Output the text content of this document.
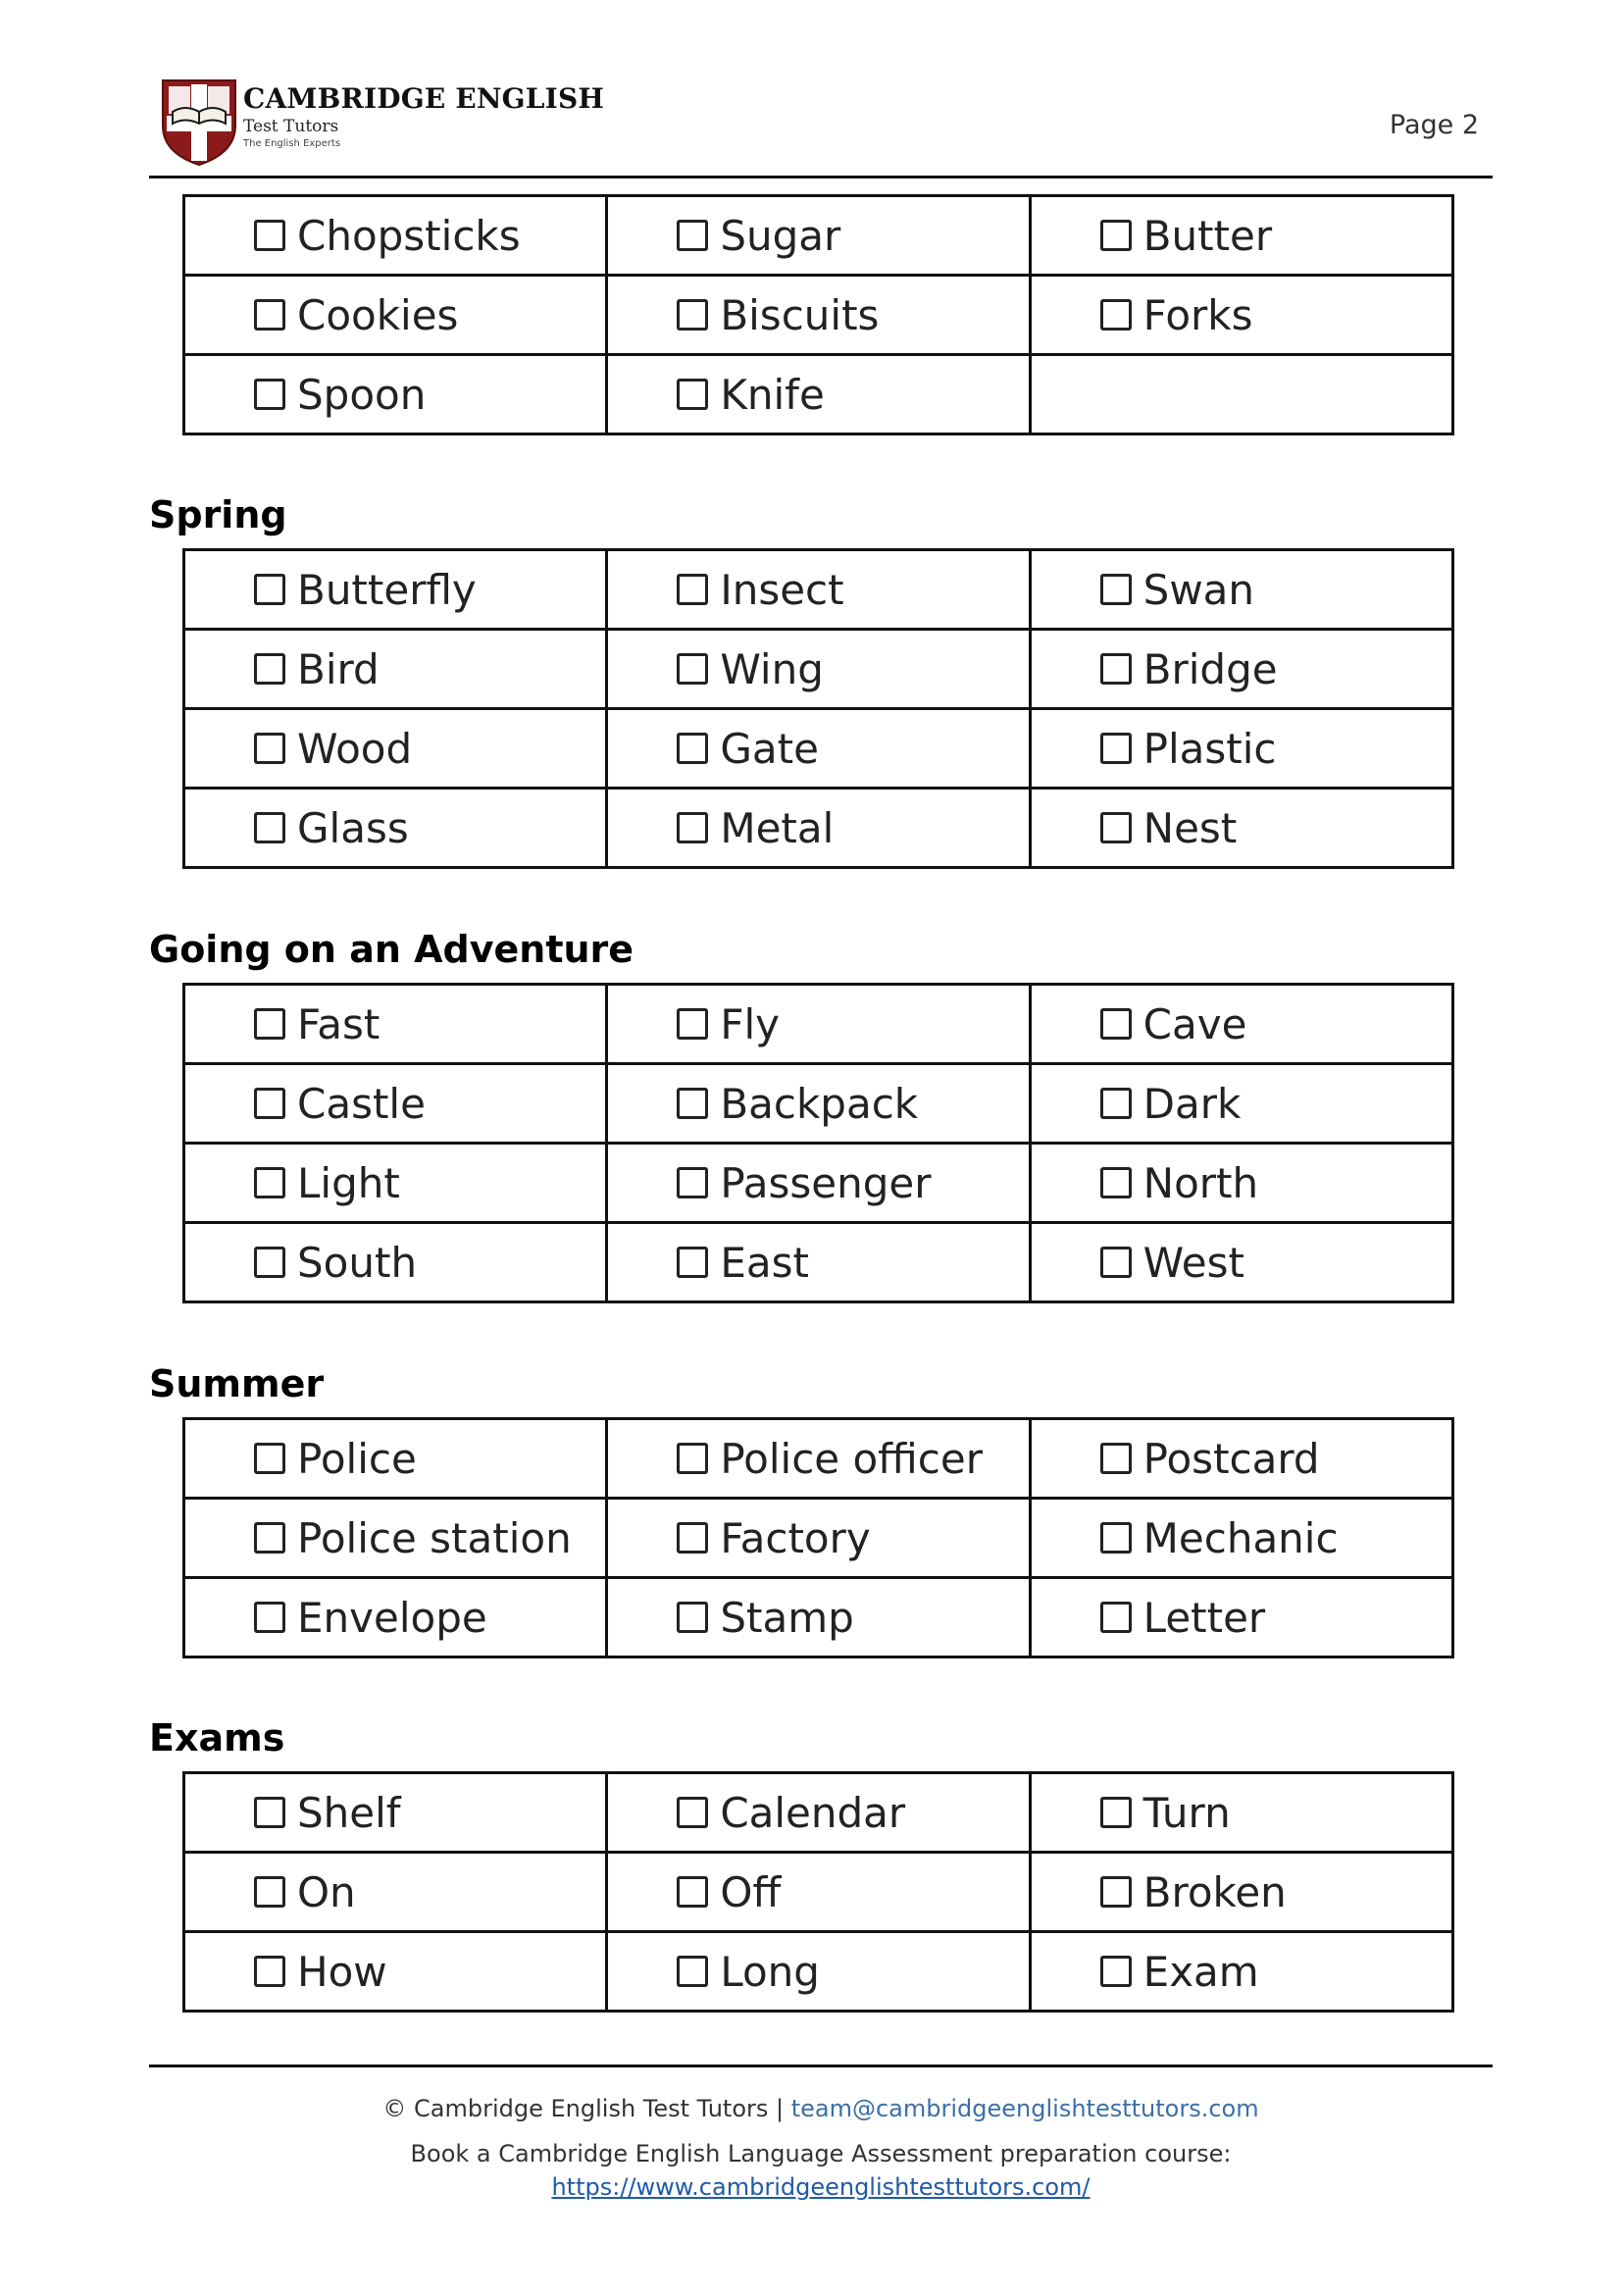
CAMBRIDGE ENGLISH
Test Tutors
The English Experts
Page 2
Chopsticks	Sugar	Butter

Cookies	Biscuits	Forks

Spoon	Knife	

Spring
Butterfly	Insect	Swan

Bird	Wing	Bridge

Wood	Gate	Plastic

Glass	Metal	Nest
Going on an Adventure
Fast	Fly	Cave

Castle	Backpack	Dark

Light	Passenger	North

South	East	West
Summer
Police	Police officer	Postcard

Police station	Factory	Mechanic

Envelope	Stamp	Letter
Exams
Shelf	Calendar	Turn

On	Off	Broken

How	Long	Exam
© Cambridge English Test Tutors | team@cambridgeenglishtesttutors.com
Book a Cambridge English Language Assessment preparation course:
https://www.cambridgeenglishtesttutors.com/
